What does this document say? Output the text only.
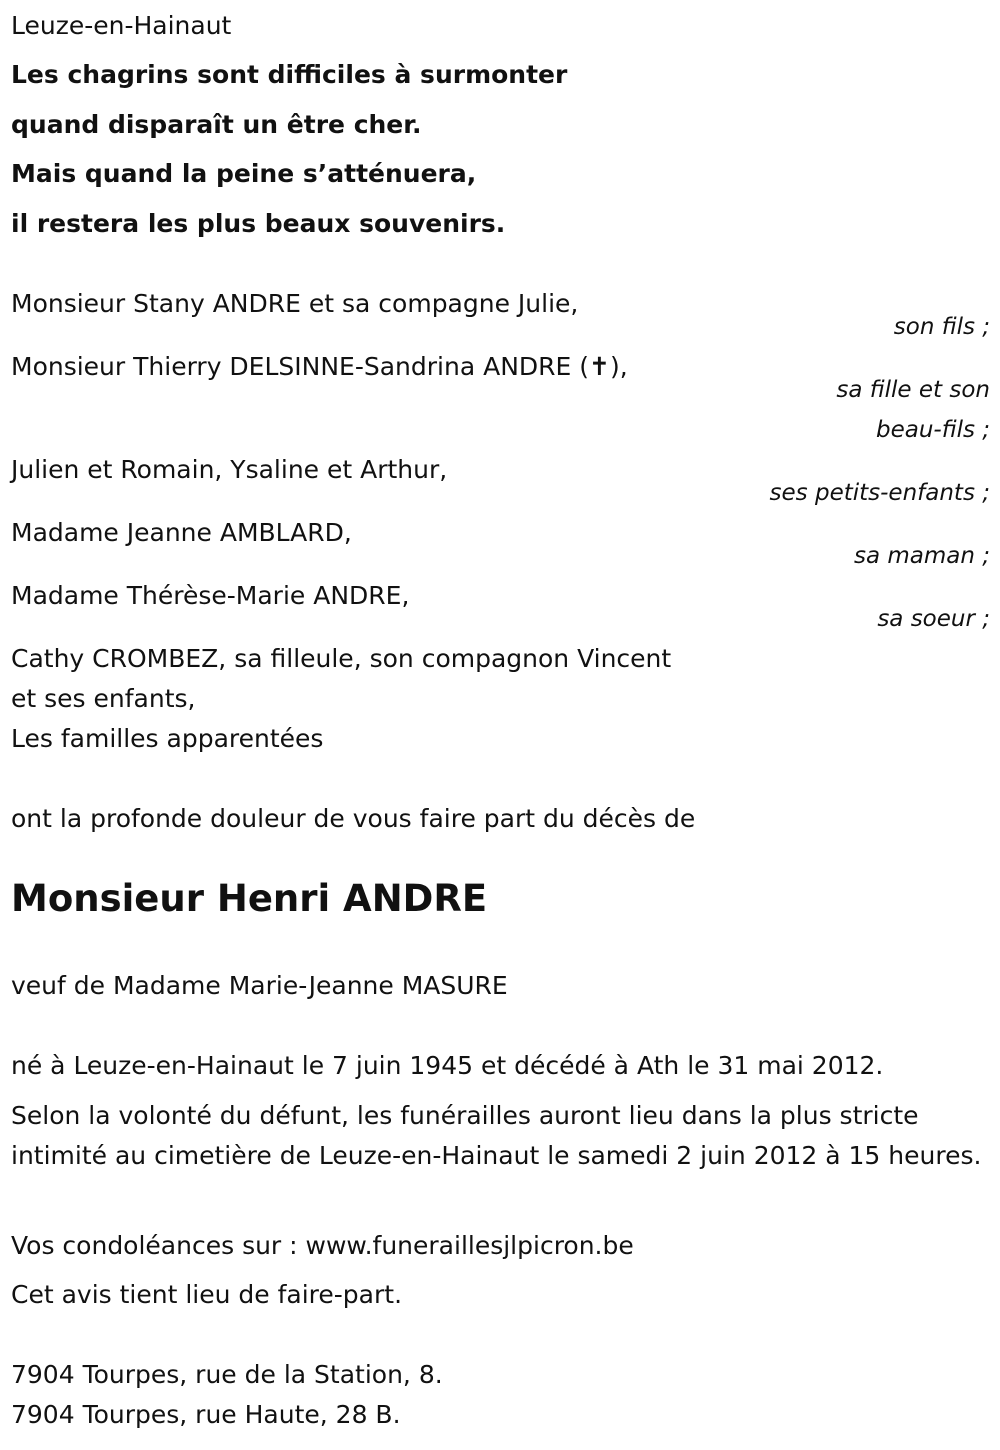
Leuze-en-Hainaut
Les chagrins sont difficiles à surmonter
quand disparaît un être cher.
Mais quand la peine s’atténuera,
il restera les plus beaux souvenirs.
Monsieur Stany ANDRE et sa compagne Julie,
son fils ;
Monsieur Thierry DELSINNE-Sandrina ANDRE (✝),
sa fille et son
beau-fils ;
Julien et Romain, Ysaline et Arthur,
ses petits-enfants ;
Madame Jeanne AMBLARD,
sa maman ;
Madame Thérèse-Marie ANDRE,
sa soeur ;
Cathy CROMBEZ, sa filleule, son compagnon Vincent
et ses enfants,
Les familles apparentées
ont la profonde douleur de vous faire part du décès de
Monsieur Henri ANDRE
veuf de Madame Marie-Jeanne MASURE
né à Leuze-en-Hainaut le 7 juin 1945 et décédé à Ath le 31 mai 2012.
Selon la volonté du défunt, les funérailles auront lieu dans la plus stricte intimité au cimetière de Leuze-en-Hainaut le samedi 2 juin 2012 à 15 heures.
Vos condoléances sur : www.funeraillesjlpicron.be
Cet avis tient lieu de faire-part.
7904 Tourpes, rue de la Station, 8.
7904 Tourpes, rue Haute, 28 B.
